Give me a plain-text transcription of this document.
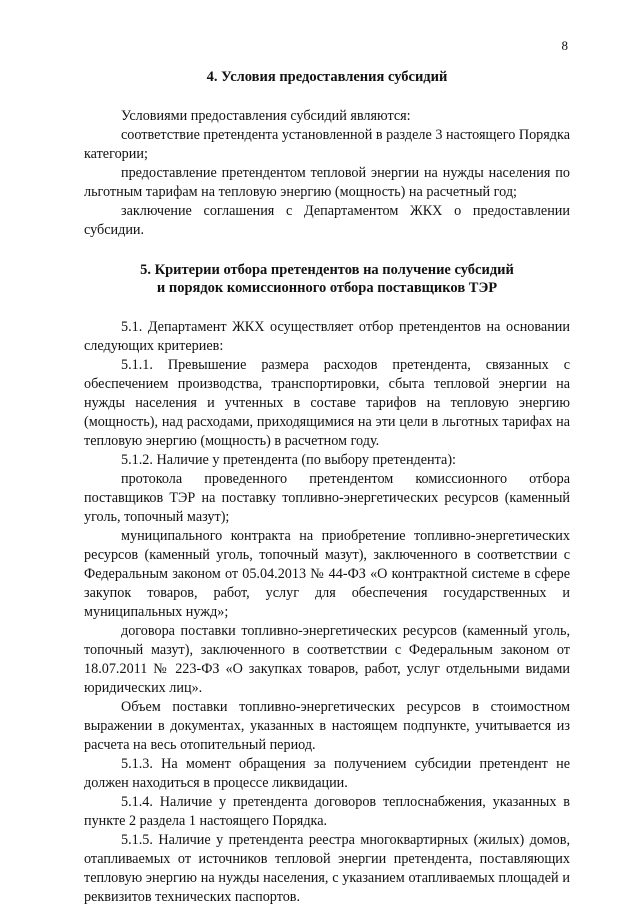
8

4. Условия предоставления субсидий

Условиями предоставления субсидий являются:

соответствие претендента установленной в разделе 3 настоящего Порядка категории;

предоставление претендентом тепловой энергии на нужды населения по льготным тарифам на тепловую энергию (мощность) на расчетный год;

заключение соглашения с Департаментом ЖКХ о предоставлении субсидии.

5. Критерии отбора претендентов на получение субсидий

и порядок комиссионного отбора поставщиков ТЭР

5.1. Департамент ЖКХ осуществляет отбор претендентов на основании следующих критериев:

5.1.1. Превышение размера расходов претендента, связанных с обеспечением производства, транспортировки, сбыта тепловой энергии на нужды населения и учтенных в составе тарифов на тепловую энергию (мощность), над расходами, приходящимися на эти цели в льготных тарифах на тепловую энергию (мощность) в расчетном году.

5.1.2. Наличие у претендента (по выбору претендента):

протокола проведенного претендентом комиссионного отбора поставщиков ТЭР на поставку топливно-энергетических ресурсов (каменный уголь, топочный мазут);

муниципального контракта на приобретение топливно-энергетических ресурсов (каменный уголь, топочный мазут), заключенного в соответствии с Федеральным законом от 05.04.2013 № 44-ФЗ «О контрактной системе в сфере закупок товаров, работ, услуг для обеспечения государственных и муниципальных нужд»;

договора поставки топливно-энергетических ресурсов (каменный уголь, топочный мазут), заключенного в соответствии с Федеральным законом от 18.07.2011 № 223-ФЗ «О закупках товаров, работ, услуг отдельными видами юридических лиц».

Объем поставки топливно-энергетических ресурсов в стоимостном выражении в документах, указанных в настоящем подпункте, учитывается из расчета на весь отопительный период.

5.1.3. На момент обращения за получением субсидии претендент не должен находиться в процессе ликвидации.

5.1.4. Наличие у претендента договоров теплоснабжения, указанных в пункте 2 раздела 1 настоящего Порядка.

5.1.5. Наличие у претендента реестра многоквартирных (жилых) домов, отапливаемых от источников тепловой энергии претендента, поставляющих тепловую энергию на нужды населения, с указанием отапливаемых площадей и реквизитов технических паспортов.
